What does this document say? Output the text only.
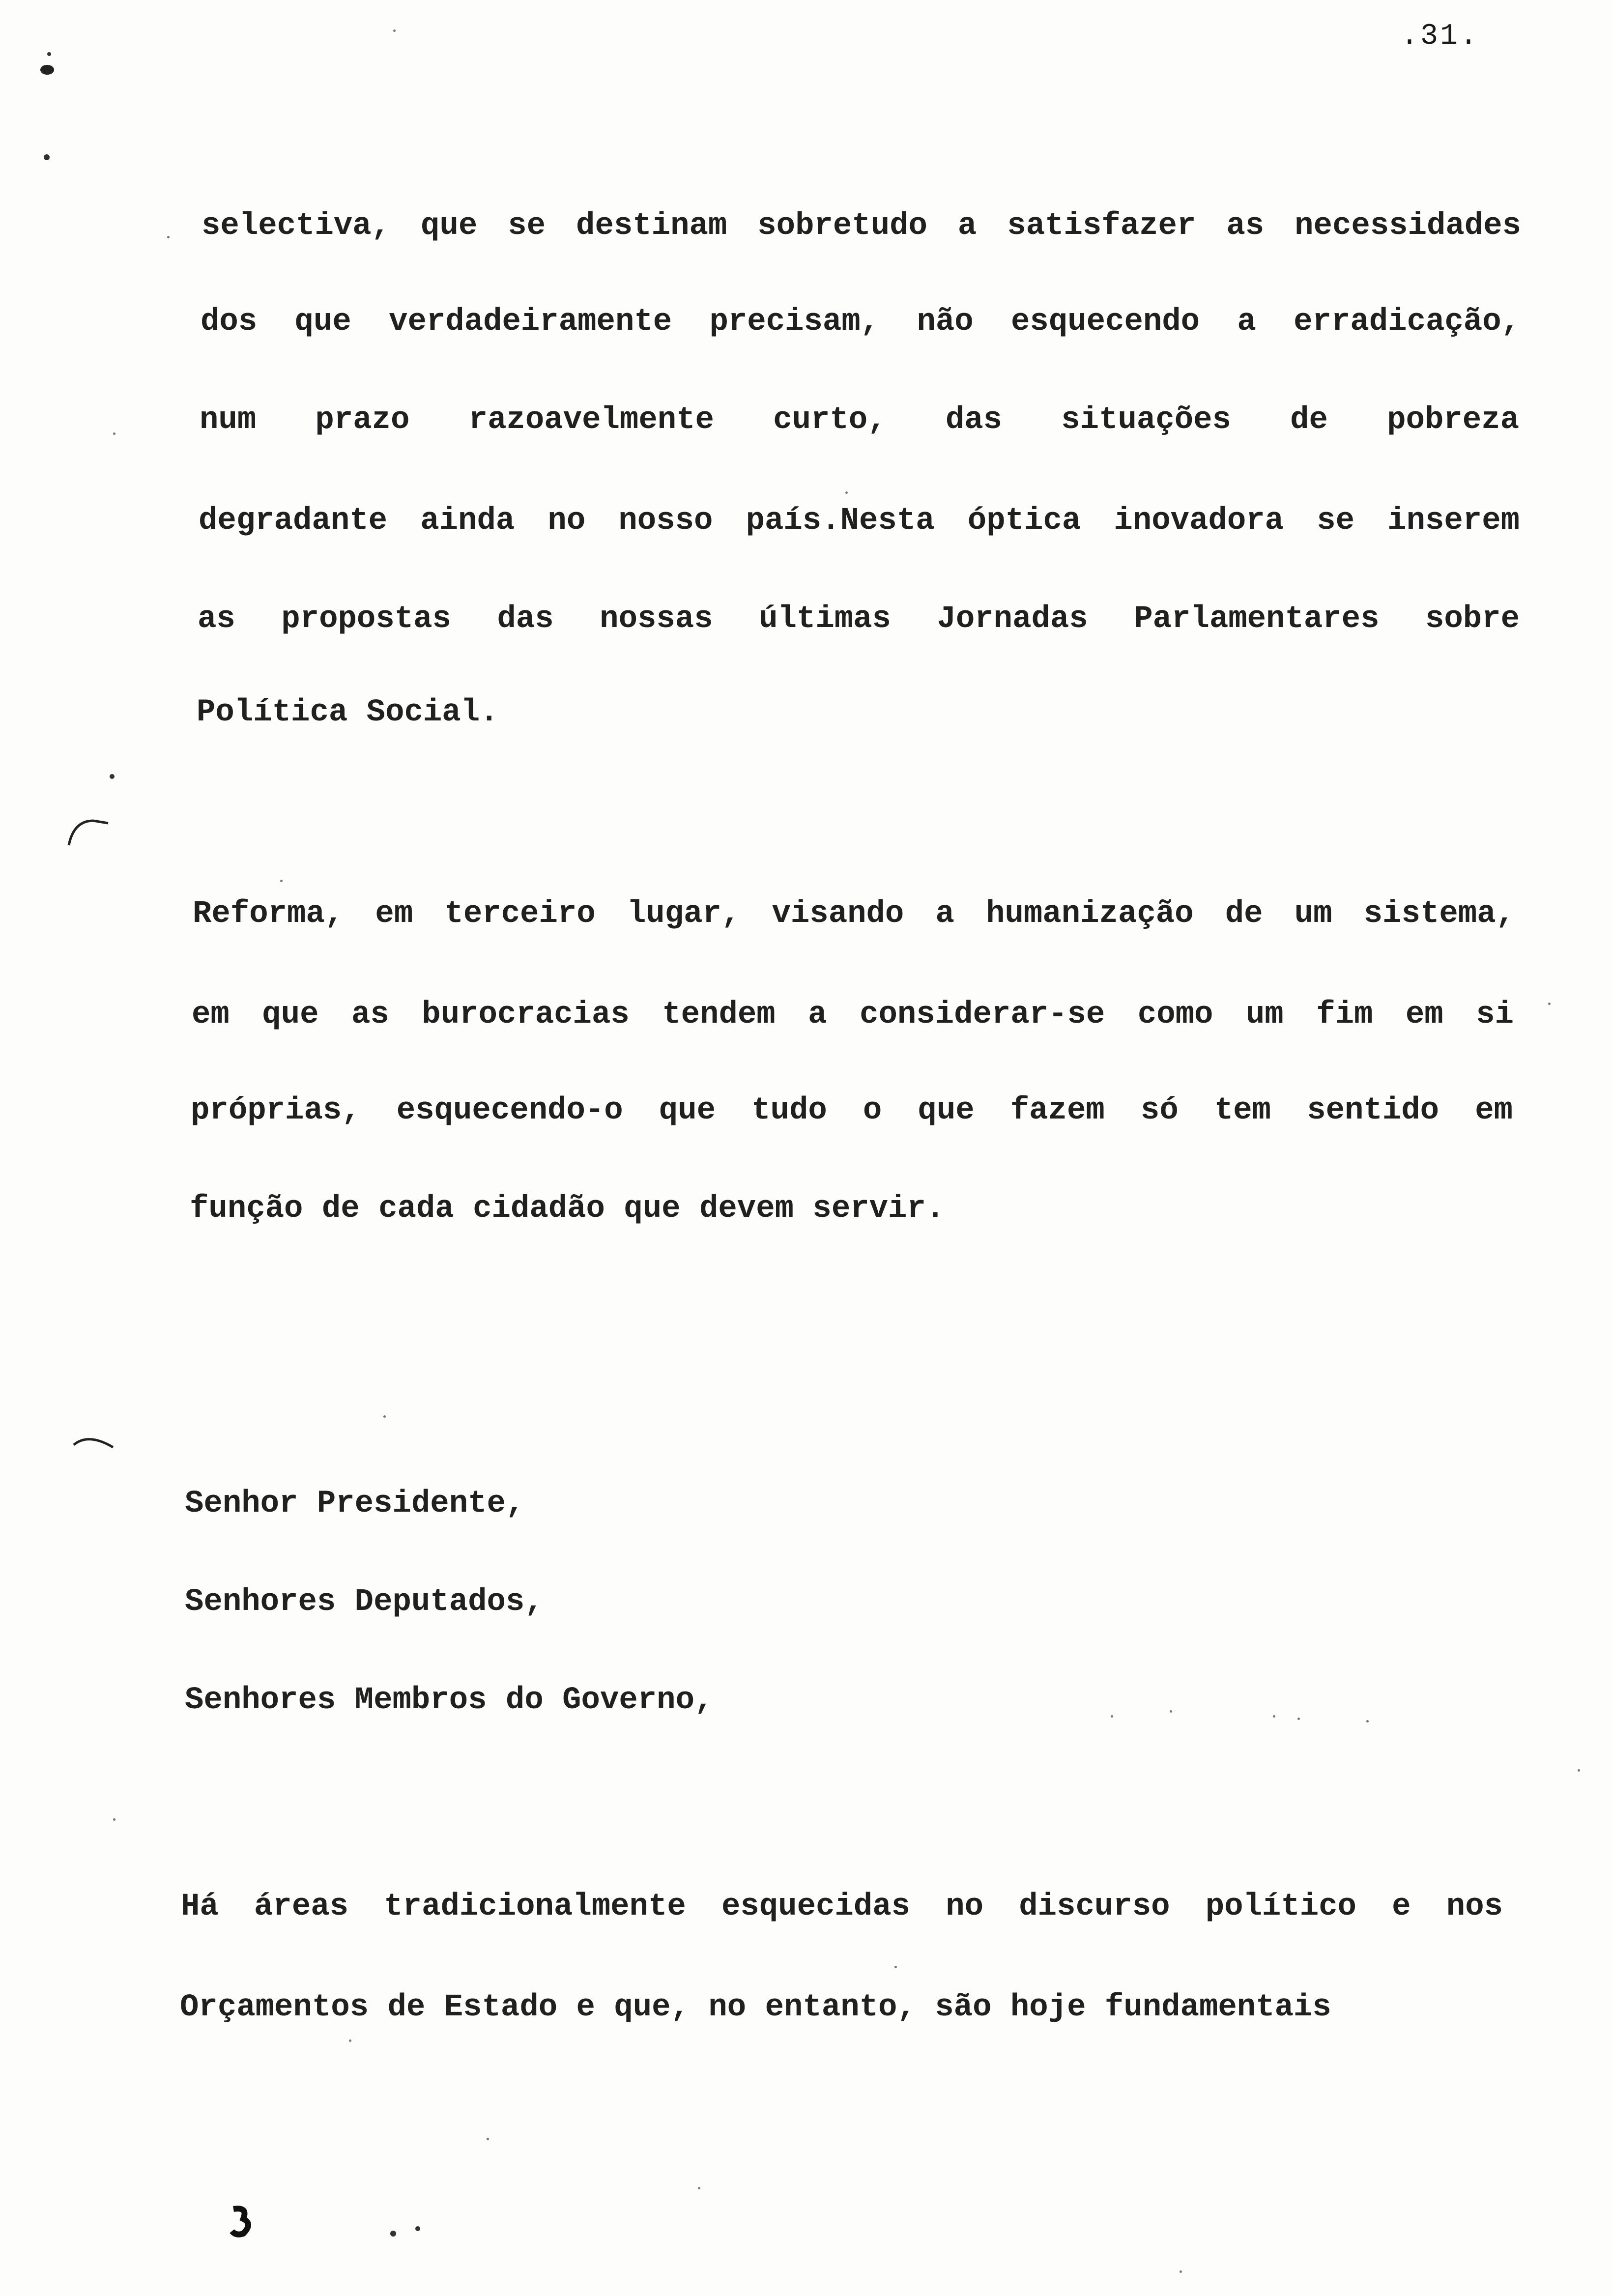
.31.
selectiva, que se destinam sobretudo a satisfazer as necessidades
dos que verdadeiramente precisam, não esquecendo a erradicação,
num prazo razoavelmente curto, das situações de pobreza
degradante ainda no nosso país.Nesta óptica inovadora se inserem
as propostas das nossas últimas Jornadas Parlamentares sobre
Política Social.
Reforma, em terceiro lugar, visando a humanização de um sistema,
em que as burocracias tendem a considerar-se como um fim em si
próprias, esquecendo-o que tudo o que fazem só tem sentido em
função de cada cidadão que devem servir.
Senhor Presidente,
Senhores Deputados,
Senhores Membros do Governo,
Há áreas tradicionalmente esquecidas no discurso político e nos
Orçamentos de Estado e que, no entanto, são hoje fundamentais
